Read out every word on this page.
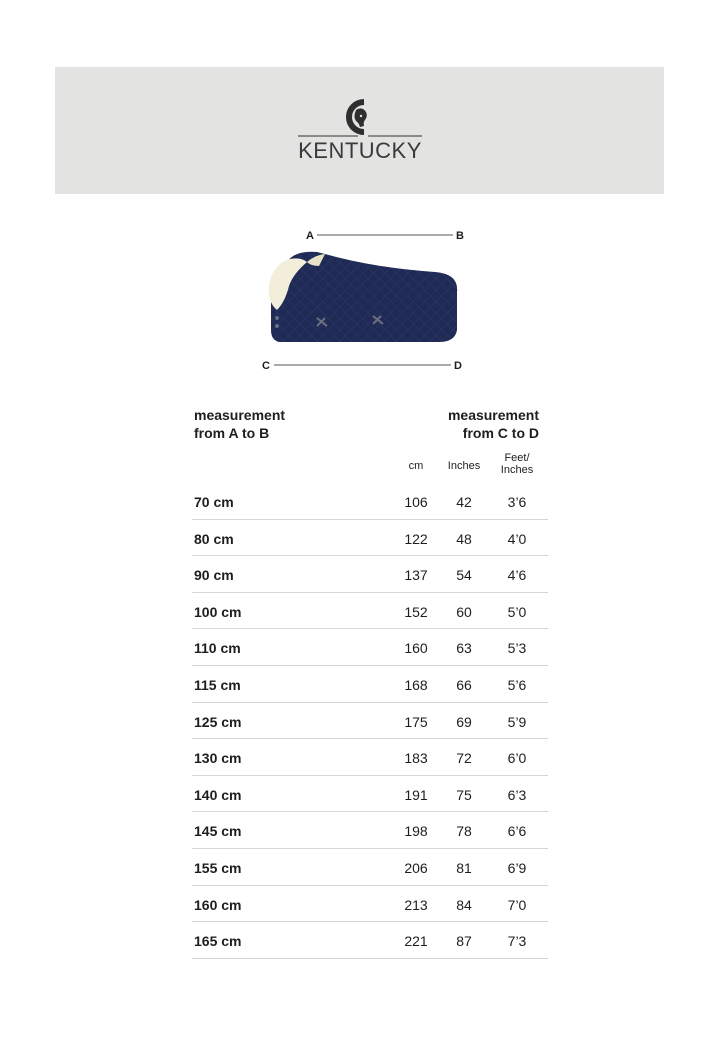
KENTUCKY
A	B
C	D
measurement
from A to B
measurement
from C to D
cm	Inches
Feet/
Inches
70 cm	106	42	3’6
80 cm	122	48	4’0
90 cm	137	54	4’6
100 cm	152	60	5’0
110 cm	160	63	5’3
115 cm	168	66	5’6
125 cm	175	69	5’9
130 cm	183	72	6’0
140 cm	191	75	6’3
145 cm	198	78	6’6
155 cm	206	81	6’9
160 cm	213	84	7’0
165 cm	221	87	7’3
